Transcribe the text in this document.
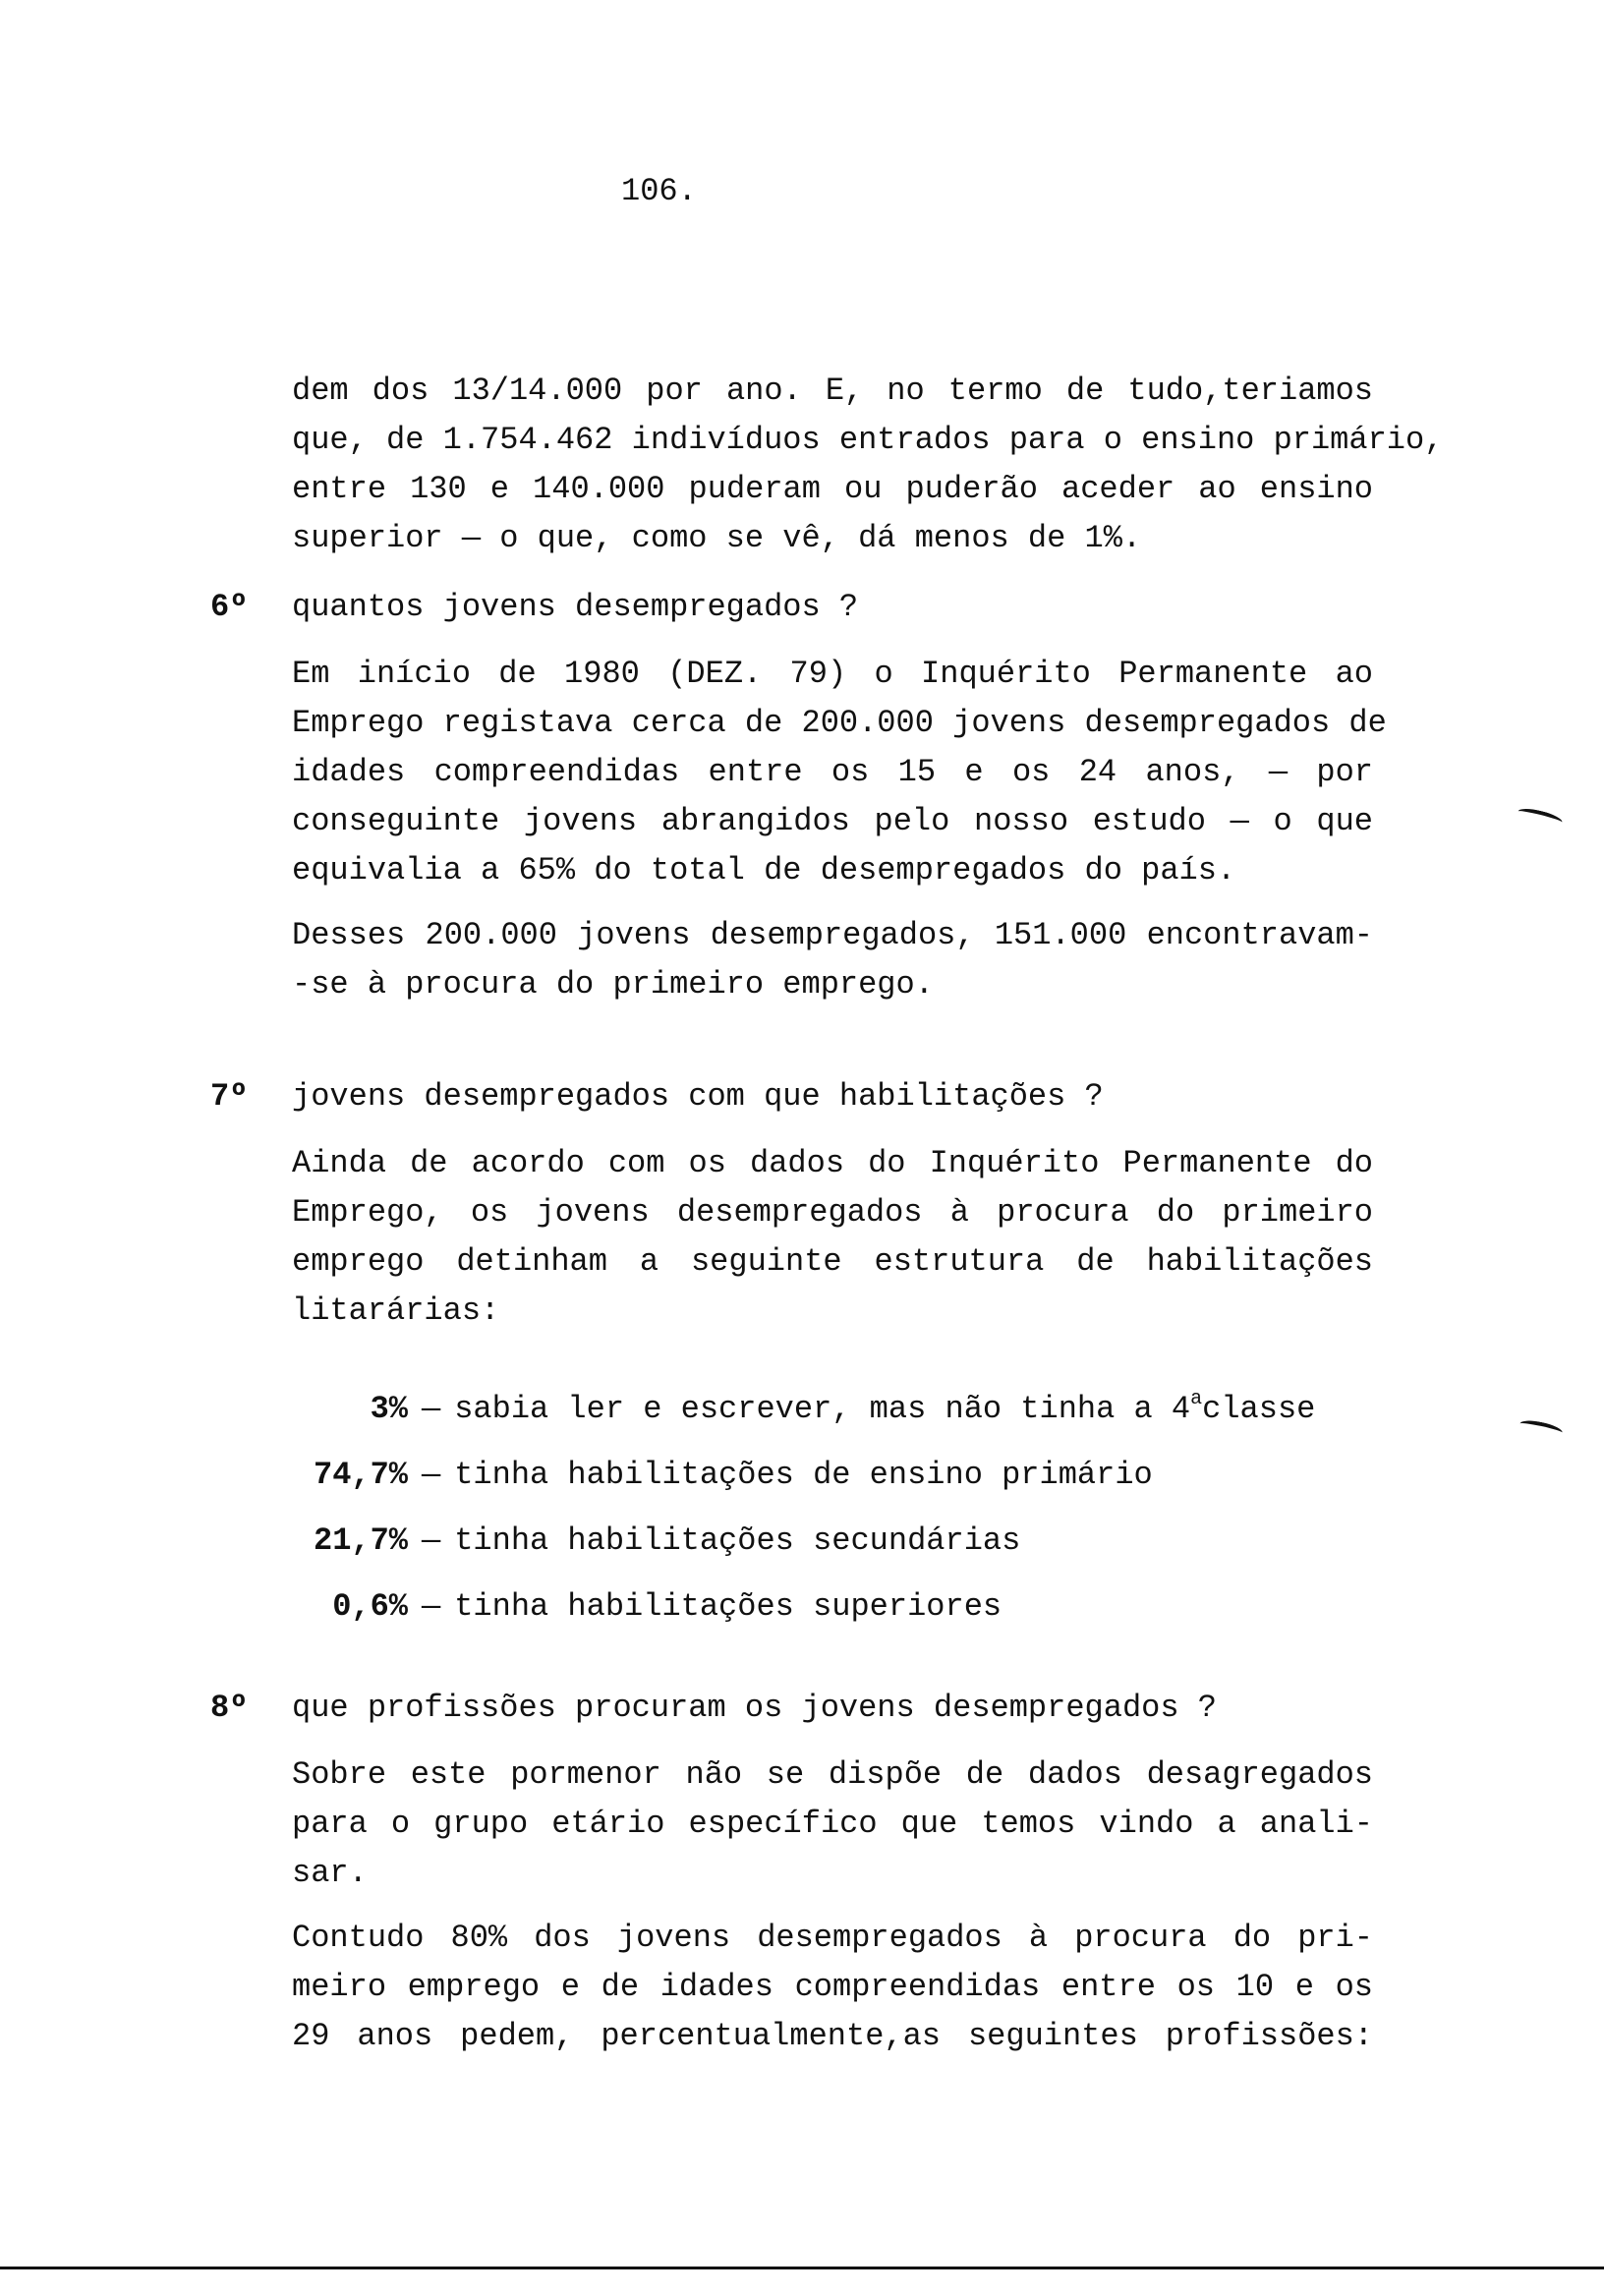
106.
dem dos 13/14.000 por ano. E, no termo de tudo,teriamos
que, de 1.754.462 indivíduos entrados para o ensino primário,
entre 130 e 140.000 puderam ou puderão aceder ao ensino
superior — o que, como se vê, dá menos de 1%.
6º quantos jovens desempregados ?
Em início de 1980 (DEZ. 79) o Inquérito Permanente ao
Emprego registava cerca de 200.000 jovens desempregados de
idades compreendidas entre os 15 e os 24 anos, — por
conseguinte jovens abrangidos pelo nosso estudo — o que
equivalia a 65% do total de desempregados do país.
Desses 200.000 jovens desempregados, 151.000 encontravam-
-se à procura do primeiro emprego.
7º jovens desempregados com que habilitações ?
Ainda de acordo com os dados do Inquérito Permanente do
Emprego, os jovens desempregados à procura do primeiro
emprego detinham a seguinte estrutura de habilitações
litarárias:
3% — sabia ler e escrever, mas não tinha a 4$^a$classe
74,7% — tinha habilitações de ensino primário
21,7% — tinha habilitações secundárias
0,6% — tinha habilitações superiores
8º que profissões procuram os jovens desempregados ?
Sobre este pormenor não se dispõe de dados desagregados
para o grupo etário específico que temos vindo a anali-
sar.
Contudo 80% dos jovens desempregados à procura do pri-
meiro emprego e de idades compreendidas entre os 10 e os
29 anos pedem, percentualmente,as seguintes profissões:
